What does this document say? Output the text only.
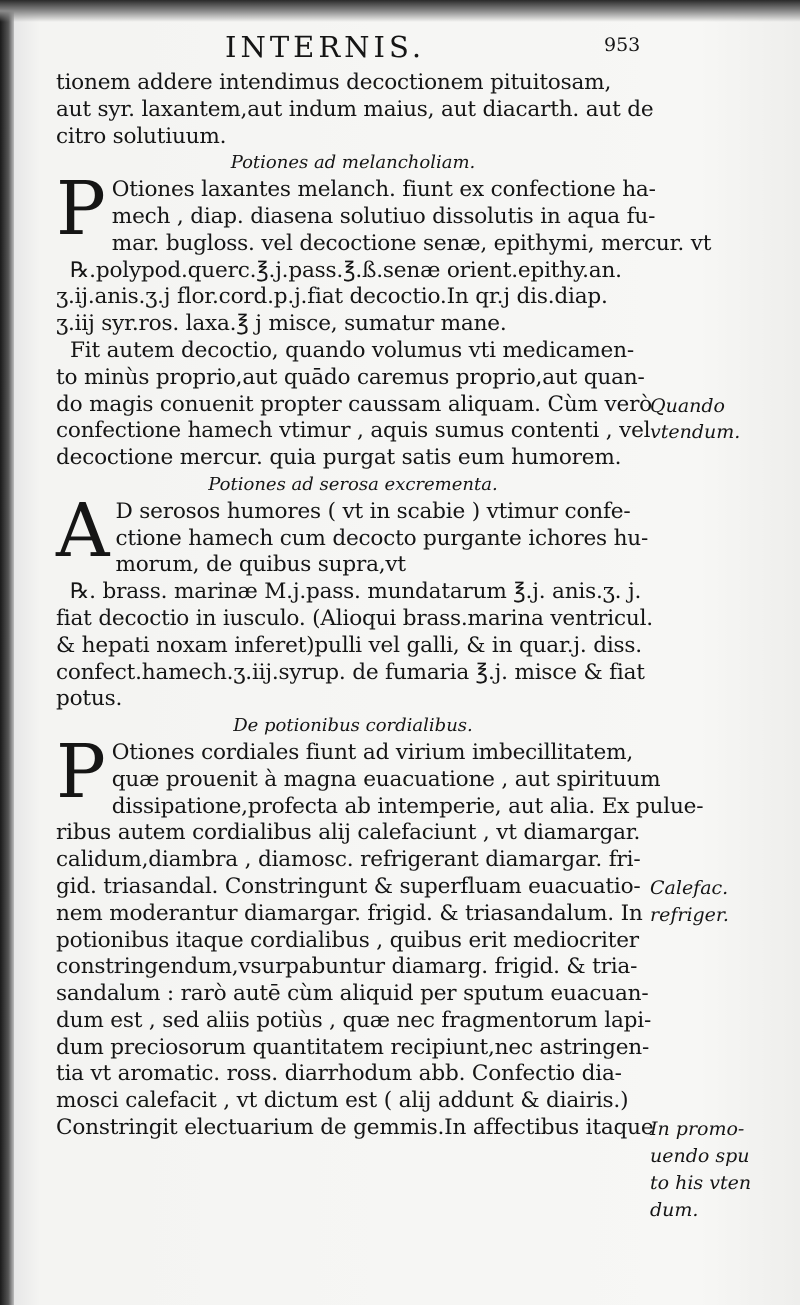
INTERNIS.	953
tionem addere intendimus decoctionem pituitosam,
aut syr. laxantem,aut indum maius, aut diacarth. aut de
citro solutiuum.
Potiones ad melancholiam.
P Otiones laxantes melanch. fiunt ex confectione ha-
mech , diap. diasena solutiuo dissolutis in aqua fu-
mar. bugloss. vel decoctione senæ, epithymi, mercur. vt
℞.polypod.querc.℥.j.pass.℥.ß.senæ orient.epithy.an.
ʒ.ij.anis.ʒ.j flor.cord.p.j.fiat decoctio.In qr.j dis.diap.
ʒ.iij syr.ros. laxa.℥ j misce, sumatur mane.
Fit autem decoctio, quando volumus vti medicamen-
to minùs proprio,aut quādo caremus proprio,aut quan-
do magis conuenit propter caussam aliquam. Cùm verò
confectione hamech vtimur , aquis sumus contenti , vel
decoctione mercur. quia purgat satis eum humorem.
Potiones ad serosa excrementa.
A D serosos humores ( vt in scabie ) vtimur confe-
ctione hamech cum decocto purgante ichores hu-
morum, de quibus supra,vt
℞. brass. marinæ M.j.pass. mundatarum ℥.j. anis.ʒ. j.
fiat decoctio in iusculo. (Alioqui brass.marina ventricul.
& hepati noxam inferet)pulli vel galli, & in quar.j. diss.
confect.hamech.ʒ.iij.syrup. de fumaria ℥.j. misce & fiat
potus.
De potionibus cordialibus.
P Otiones cordiales fiunt ad virium imbecillitatem,
quæ prouenit à magna euacuatione , aut spirituum
dissipatione,profecta ab intemperie, aut alia. Ex pulue-
ribus autem cordialibus alij calefaciunt , vt diamargar.
calidum,diambra , diamosc. refrigerant diamargar. fri-
gid. triasandal. Constringunt & superfluam euacuatio-
nem moderantur diamargar. frigid. & triasandalum. In
potionibus itaque cordialibus , quibus erit mediocriter
constringendum,vsurpabuntur diamarg. frigid. & tria-
sandalum : rarò autē cùm aliquid per sputum euacuan-
dum est , sed aliis potiùs , quæ nec fragmentorum lapi-
dum preciosorum quantitatem recipiunt,nec astringen-
tia vt aromatic. ross. diarrhodum abb. Confectio dia-
mosci calefacit , vt dictum est ( alij addunt & diairis.)
Constringit electuarium de gemmis.In affectibus itaque
Quando
vtendum.
Calefac.
refriger.
In promo-
uendo spu
to his vten
dum.
